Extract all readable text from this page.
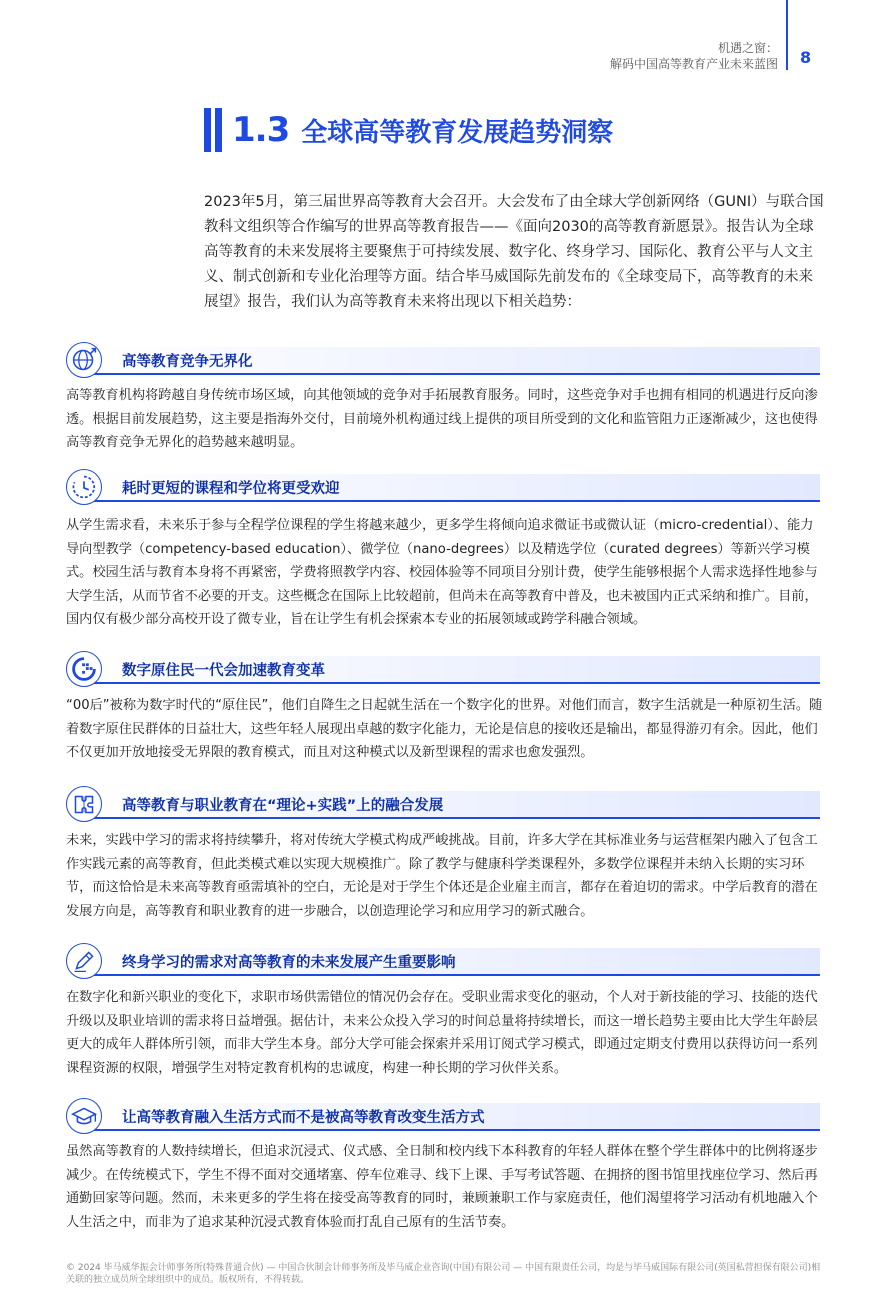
机遇之窗：
解码中国高等教育产业未来蓝图 8
1.3 全球高等教育发展趋势洞察

2023年5月，第三届世界高等教育大会召开。大会发布了由全球大学创新网络（GUNI）与联合国教科文组织等合作编写的世界高等教育报告——《面向2030的高等教育新愿景》。报告认为全球高等教育的未来发展将主要聚焦于可持续发展、数字化、终身学习、国际化、教育公平与人文主义、制式创新和专业化治理等方面。结合毕马威国际先前发布的《全球变局下，高等教育的未来展望》报告，我们认为高等教育未来将出现以下相关趋势：

高等教育竞争无界化

高等教育机构将跨越自身传统市场区域，向其他领域的竞争对手拓展教育服务。同时，这些竞争对手也拥有相同的机遇进行反向渗透。根据目前发展趋势，这主要是指海外交付，目前境外机构通过线上提供的项目所受到的文化和监管阻力正逐渐减少，这也使得高等教育竞争无界化的趋势越来越明显。

耗时更短的课程和学位将更受欢迎

从学生需求看，未来乐于参与全程学位课程的学生将越来越少，更多学生将倾向追求微证书或微认证（micro-credential）、能力导向型教学（competency-based education）、微学位（nano-degrees）以及精选学位（curated degrees）等新兴学习模式。校园生活与教育本身将不再紧密，学费将照教学内容、校园体验等不同项目分别计费，使学生能够根据个人需求选择性地参与大学生活，从而节省不必要的开支。这些概念在国际上比较超前，但尚未在高等教育中普及，也未被国内正式采纳和推广。目前，国内仅有极少部分高校开设了微专业，旨在让学生有机会探索本专业的拓展领域或跨学科融合领域。

数字原住民一代会加速教育变革

“00后”被称为数字时代的“原住民”，他们自降生之日起就生活在一个数字化的世界。对他们而言，数字生活就是一种原初生活。随着数字原住民群体的日益壮大，这些年轻人展现出卓越的数字化能力，无论是信息的接收还是输出，都显得游刃有余。因此，他们不仅更加开放地接受无界限的教育模式，而且对这种模式以及新型课程的需求也愈发强烈。

高等教育与职业教育在“理论+实践”上的融合发展

未来，实践中学习的需求将持续攀升，将对传统大学模式构成严峻挑战。目前，许多大学在其标准业务与运营框架内融入了包含工作实践元素的高等教育，但此类模式难以实现大规模推广。除了教学与健康科学类课程外，多数学位课程并未纳入长期的实习环节，而这恰恰是未来高等教育亟需填补的空白，无论是对于学生个体还是企业雇主而言，都存在着迫切的需求。中学后教育的潜在发展方向是，高等教育和职业教育的进一步融合，以创造理论学习和应用学习的新式融合。

终身学习的需求对高等教育的未来发展产生重要影响

在数字化和新兴职业的变化下，求职市场供需错位的情况仍会存在。受职业需求变化的驱动，个人对于新技能的学习、技能的迭代升级以及职业培训的需求将日益增强。据估计，未来公众投入学习的时间总量将持续增长，而这一增长趋势主要由比大学生年龄层更大的成年人群体所引领，而非大学生本身。部分大学可能会探索并采用订阅式学习模式，即通过定期支付费用以获得访问一系列课程资源的权限，增强学生对特定教育机构的忠诚度，构建一种长期的学习伙伴关系。

让高等教育融入生活方式而不是被高等教育改变生活方式

虽然高等教育的人数持续增长，但追求沉浸式、仪式感、全日制和校内线下本科教育的年轻人群体在整个学生群体中的比例将逐步减少。在传统模式下，学生不得不面对交通堵塞、停车位难寻、线下上课、手写考试答题、在拥挤的图书馆里找座位学习、然后再通勤回家等问题。然而，未来更多的学生将在接受高等教育的同时，兼顾兼职工作与家庭责任，他们渴望将学习活动有机地融入个人生活之中，而非为了追求某种沉浸式教育体验而打乱自己原有的生活节奏。

© 2024 毕马威华振会计师事务所(特殊普通合伙) — 中国合伙制会计师事务所及毕马威企业咨询(中国)有限公司 — 中国有限责任公司，均是与毕马威国际有限公司(英国私营担保有限公司)相关联的独立成员所全球组织中的成员。版权所有，不得转载。
